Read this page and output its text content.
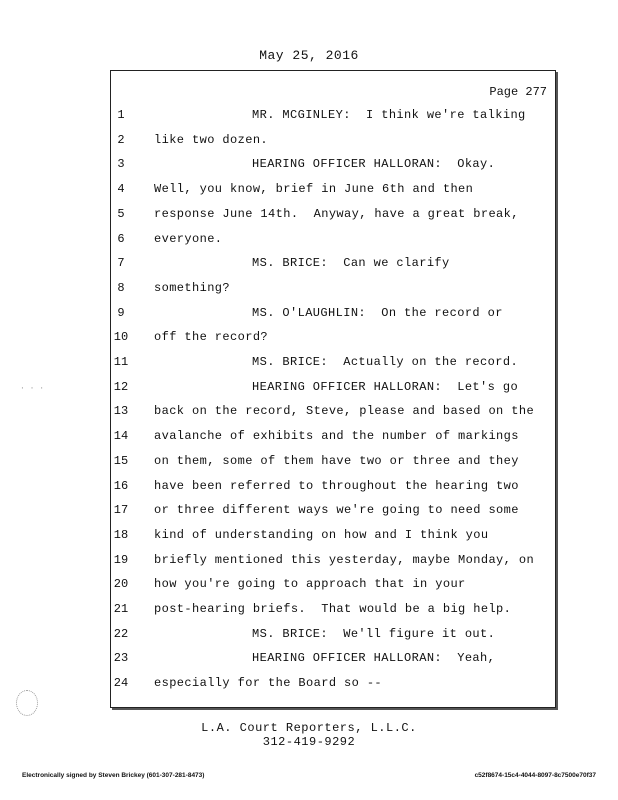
May 25, 2016
Page 277
1	MR. MCGINLEY:  I think we're talking
2	like two dozen.
3	HEARING OFFICER HALLORAN:  Okay.
4	Well, you know, brief in June 6th and then
5	response June 14th.  Anyway, have a great break,
6	everyone.
7	MS. BRICE:  Can we clarify
8	something?
9	MS. O'LAUGHLIN:  On the record or
10	off the record?
11	MS. BRICE:  Actually on the record.
12	HEARING OFFICER HALLORAN:  Let's go
13	back on the record, Steve, please and based on the
14	avalanche of exhibits and the number of markings
15	on them, some of them have two or three and they
16	have been referred to throughout the hearing two
17	or three different ways we're going to need some
18	kind of understanding on how and I think you
19	briefly mentioned this yesterday, maybe Monday, on
20	how you're going to approach that in your
21	post-hearing briefs.  That would be a big help.
22	MS. BRICE:  We'll figure it out.
23	HEARING OFFICER HALLORAN:  Yeah,
24	especially for the Board so --
· · ·
L.A. Court Reporters, L.L.C.
312-419-9292
Electronically signed by Steven Brickey (601-307-281-8473)	c52f8674-15c4-4044-8097-8c7500e70f37
